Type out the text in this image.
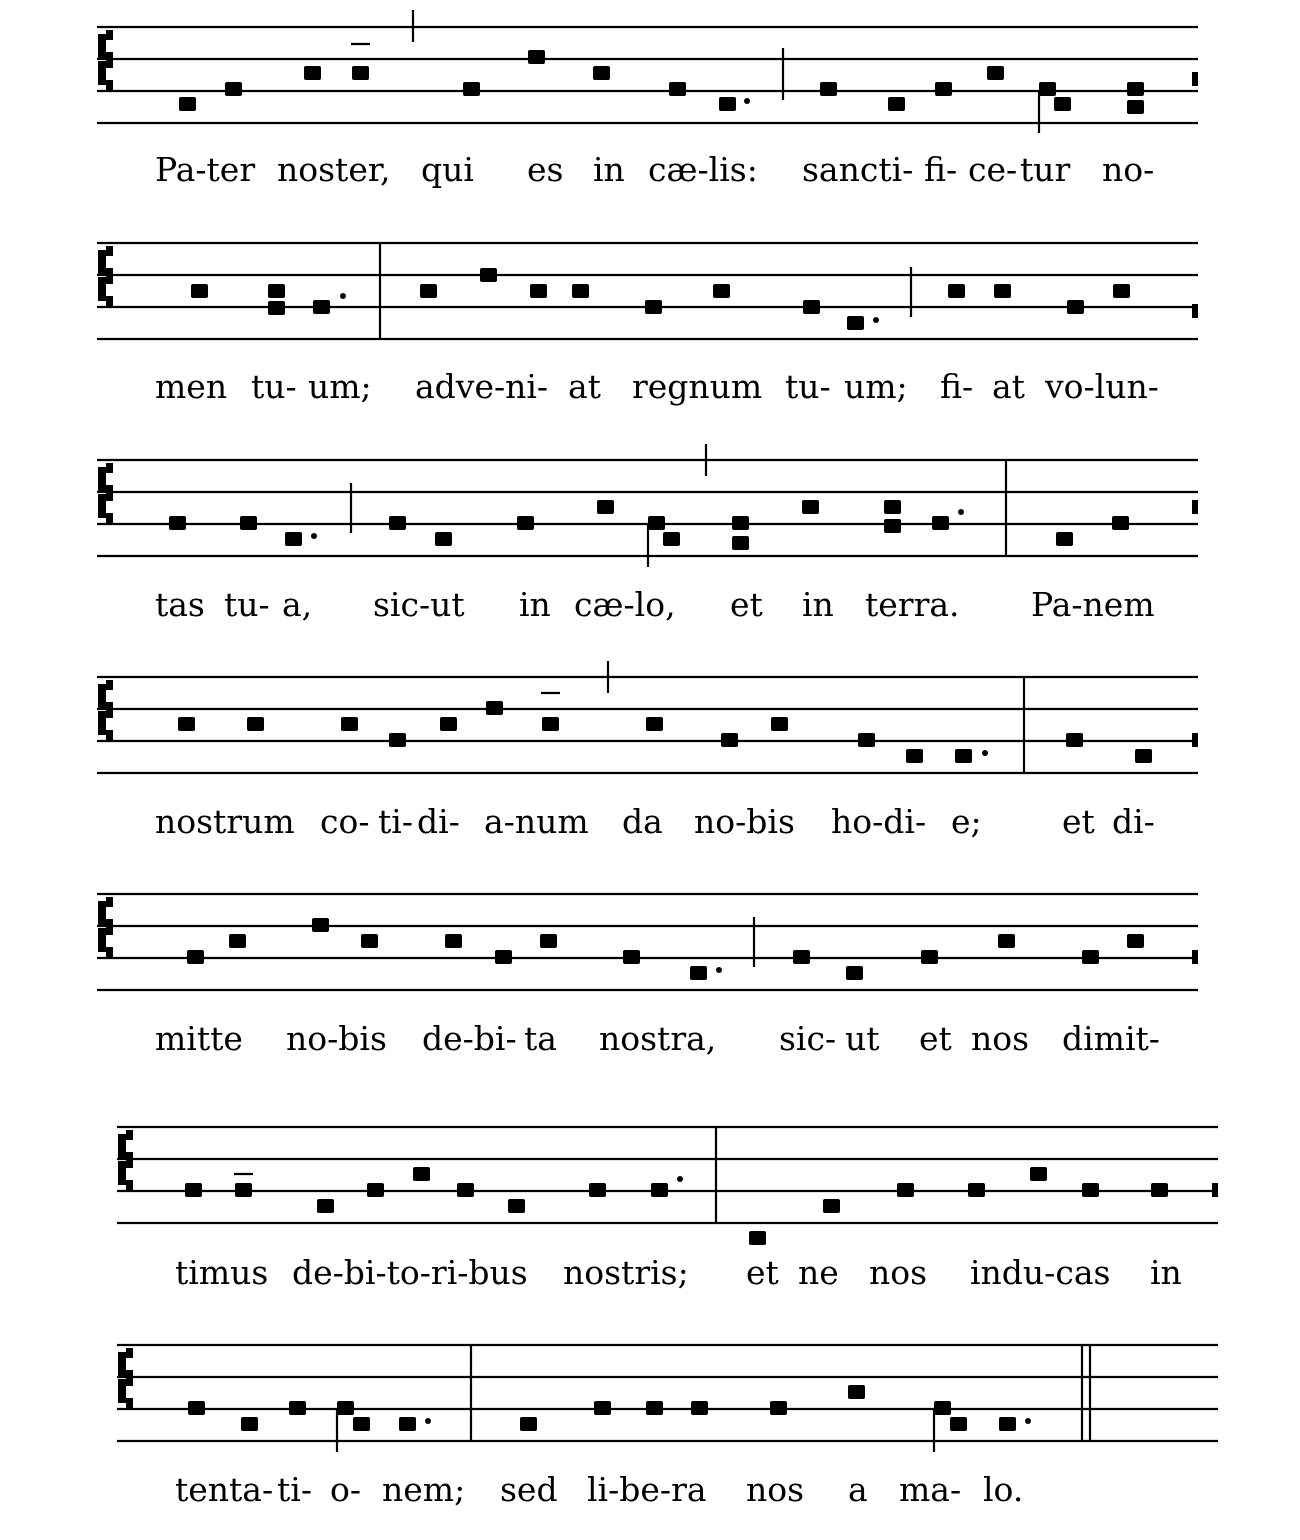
Pa-ter noster, qui es in cæ-lis: sancti- fi- ce- tur no-
men tu- um; adve-ni- at regnum tu- um; fi- at vo-lun-
tas tu- a, sic-ut in cæ-lo, et in terra. Pa-nem
nostrum co- ti- di- a-num da no-bis ho-di- e; et di-
mitte no-bis de-bi- ta nostra, sic- ut et nos dimit-
timus de-bi-to-ri-bus nostris; et ne nos indu-cas in
tenta- ti- o- nem; sed li-be-ra nos a ma- lo.
